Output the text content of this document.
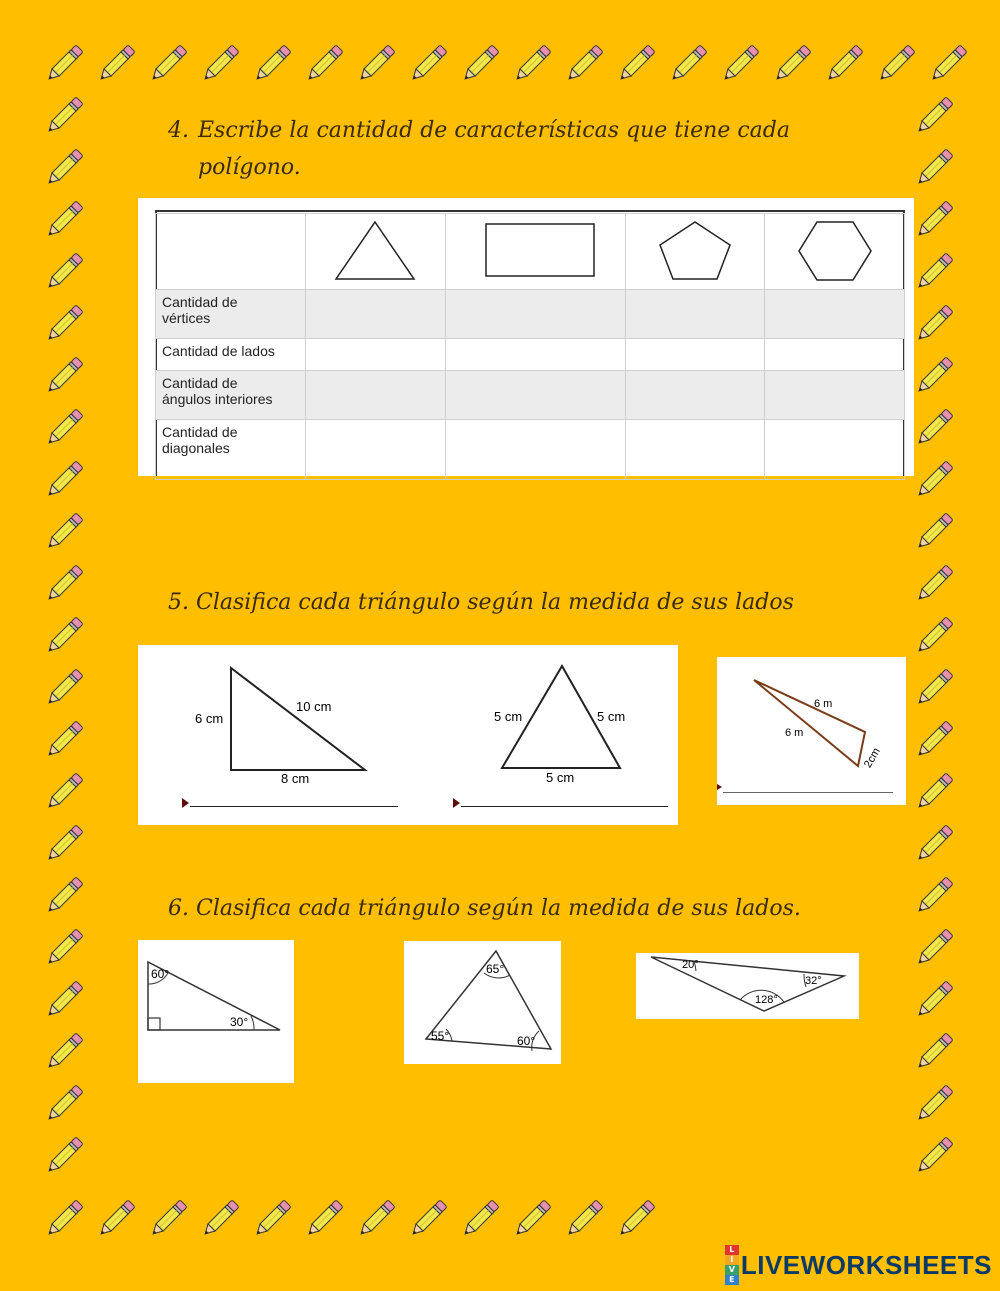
4. Escribe la cantidad de características que tiene cada
polígono.

Cantidad de
vértices				
Cantidad de lados				
Cantidad de
ángulos interiores				
Cantidad de
diagonales				
5. Clasifica cada triángulo según la medida de sus lados
6 cm
10 cm
8 cm
5 cm	5 cm
5 cm
6 m
6 m
2cm
6. Clasifica cada triángulo según la medida de sus lados.
60°
30°
65°
55°	60°
20°
32°
128°
L
I
V
E LIVEWORKSHEETS
